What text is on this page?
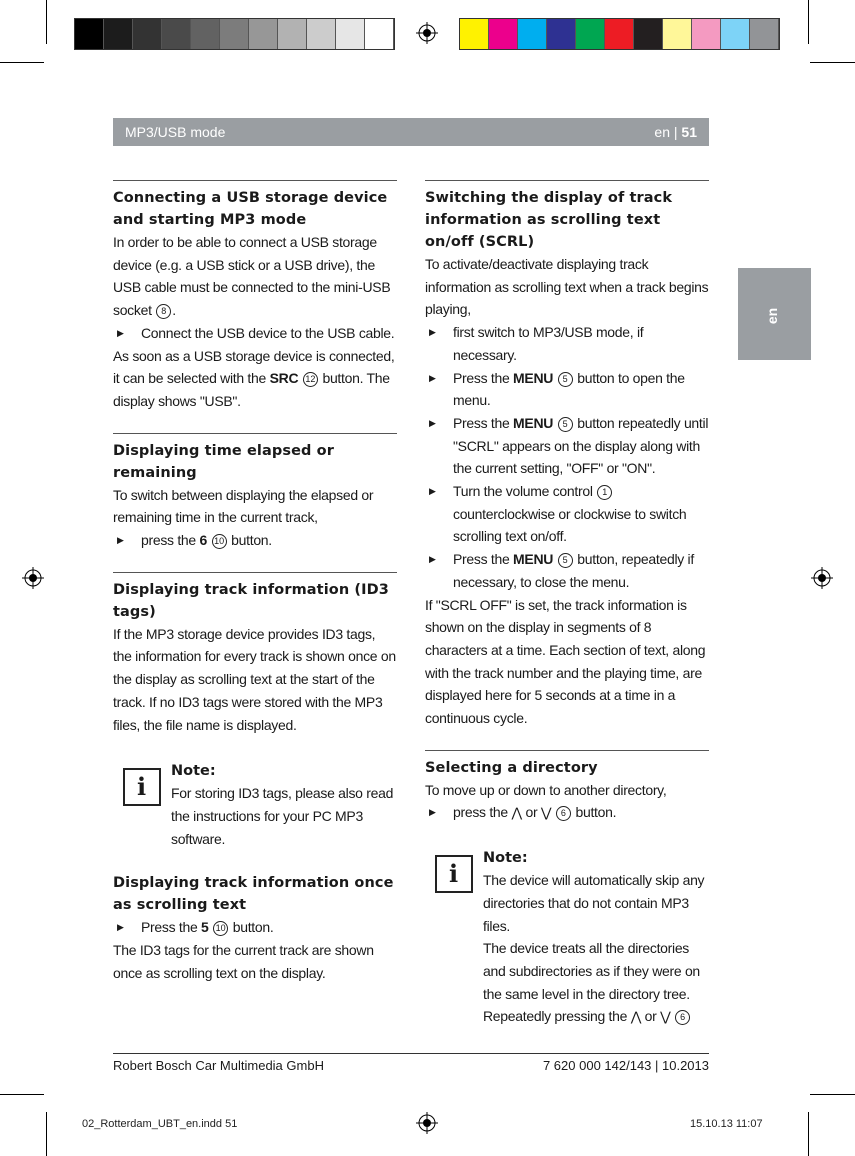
MP3/USB mode	en | 51
en
Connecting a USB storage device and starting MP3 mode

In order to be able to connect a USB storage device (e.g. a USB stick or a USB drive), the USB cable must be connected to the mini-USB socket 8 .

▶ Connect the USB device to the USB cable.

As soon as a USB storage device is connected, it can be selected with the SRC 12 button. The display shows "USB".

Displaying time elapsed or remaining

To switch between displaying the elapsed or remaining time in the current track,

▶ press the 6 10 button.

Displaying track information (ID3 tags)

If the MP3 storage device provides ID3 tags, the information for every track is shown once on the display as scrolling text at the start of the track. If no ID3 tags were stored with the MP3 files, the file name is displayed.

i
Note:

For storing ID3 tags, please also read the instructions for your PC MP3 software.

Displaying track information once as scrolling text

▶ Press the 5 10 button.

The ID3 tags for the current track are shown once as scrolling text on the display.

Switching the display of track information as scrolling text on/off (SCRL)

To activate/deactivate displaying track information as scrolling text when a track begins playing,

▶ first switch to MP3/USB mode, if necessary.

▶ Press the MENU 5 button to open the menu.

▶ Press the MENU 5 button repeatedly until "SCRL" appears on the display along with the current setting, "OFF" or "ON".

▶ Turn the volume control 1 counterclockwise or clockwise to switch scrolling text on/off.

▶ Press the MENU 5 button, repeatedly if necessary, to close the menu.

If "SCRL OFF" is set, the track information is shown on the display in segments of 8 characters at a time. Each section of text, along with the track number and the playing time, are displayed here for 5 seconds at a time in a continuous cycle.

Selecting a directory

To move up or down to another directory,

▶ press the ⋀ or ⋁ 6 button.

i
Note:

The device will automatically skip any directories that do not contain MP3 files.

The device treats all the directories and subdirectories as if they were on the same level in the directory tree. Repeatedly pressing the ⋀ or ⋁ 6

Robert Bosch Car Multimedia GmbH	7 620 000 142/143 | 10.2013
02_Rotterdam_UBT_en.indd 51	15.10.13 11:07
